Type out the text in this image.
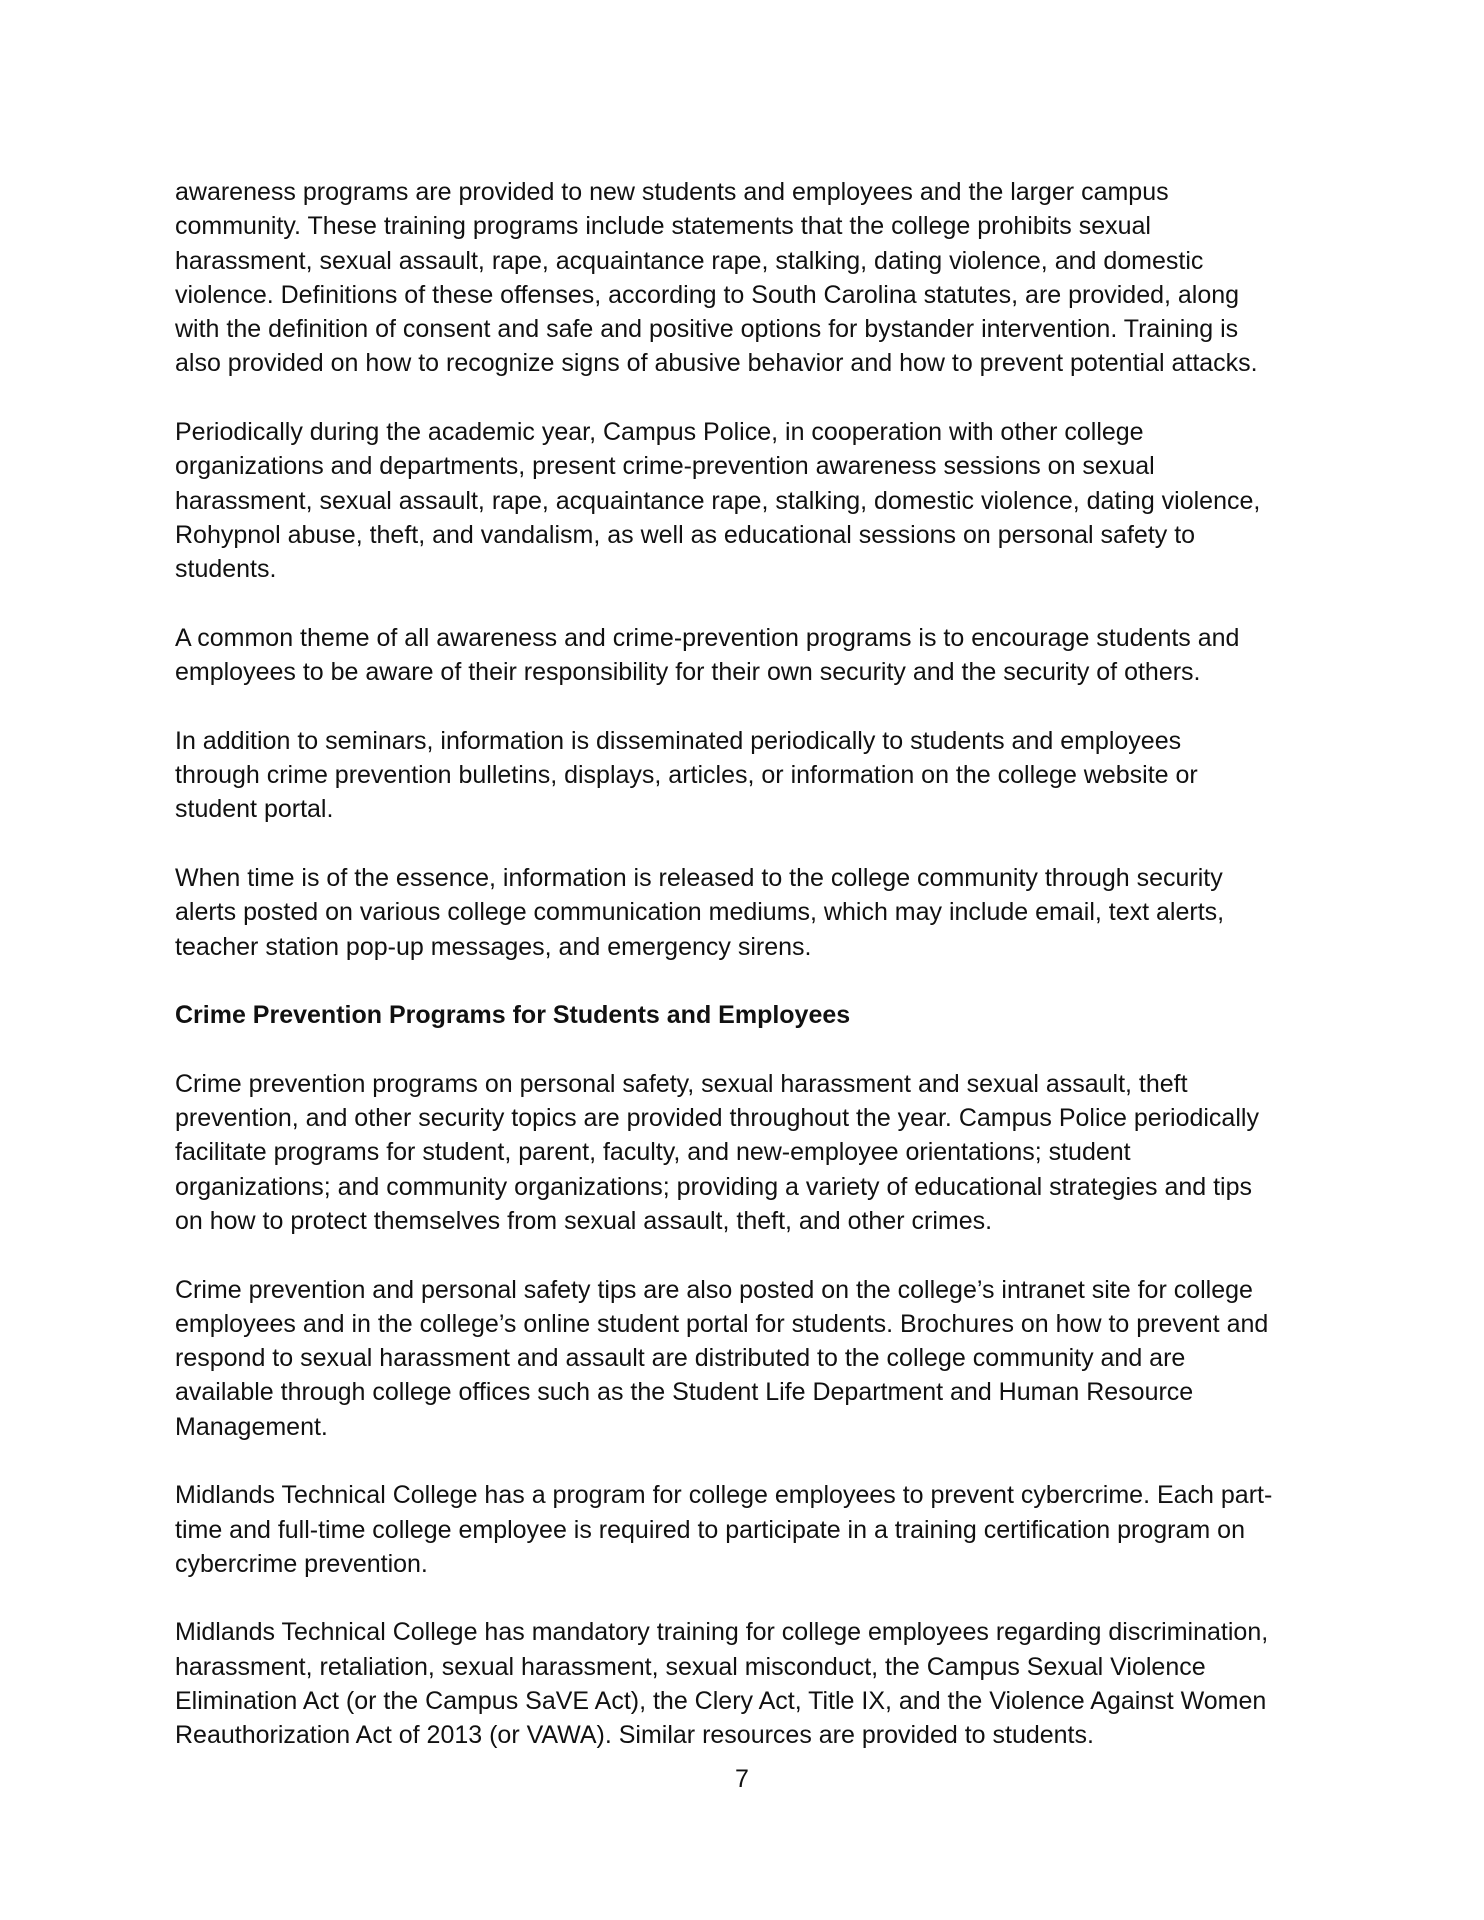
awareness programs are provided to new students and employees and the larger campus
community. These training programs include statements that the college prohibits sexual
harassment, sexual assault, rape, acquaintance rape, stalking, dating violence, and domestic
violence. Definitions of these offenses, according to South Carolina statutes, are provided, along
with the definition of consent and safe and positive options for bystander intervention. Training is
also provided on how to recognize signs of abusive behavior and how to prevent potential attacks.

Periodically during the academic year, Campus Police, in cooperation with other college
organizations and departments, present crime-prevention awareness sessions on sexual
harassment, sexual assault, rape, acquaintance rape, stalking, domestic violence, dating violence,
Rohypnol abuse, theft, and vandalism, as well as educational sessions on personal safety to
students.

A common theme of all awareness and crime-prevention programs is to encourage students and
employees to be aware of their responsibility for their own security and the security of others.

In addition to seminars, information is disseminated periodically to students and employees
through crime prevention bulletins, displays, articles, or information on the college website or
student portal.

When time is of the essence, information is released to the college community through security
alerts posted on various college communication mediums, which may include email, text alerts,
teacher station pop-up messages, and emergency sirens.

Crime Prevention Programs for Students and Employees

Crime prevention programs on personal safety, sexual harassment and sexual assault, theft
prevention, and other security topics are provided throughout the year. Campus Police periodically
facilitate programs for student, parent, faculty, and new-employee orientations; student
organizations; and community organizations; providing a variety of educational strategies and tips
on how to protect themselves from sexual assault, theft, and other crimes.

Crime prevention and personal safety tips are also posted on the college’s intranet site for college
employees and in the college’s online student portal for students. Brochures on how to prevent and
respond to sexual harassment and assault are distributed to the college community and are
available through college offices such as the Student Life Department and Human Resource
Management.

Midlands Technical College has a program for college employees to prevent cybercrime. Each part-
time and full-time college employee is required to participate in a training certification program on
cybercrime prevention.

Midlands Technical College has mandatory training for college employees regarding discrimination,
harassment, retaliation, sexual harassment, sexual misconduct, the Campus Sexual Violence
Elimination Act (or the Campus SaVE Act), the Clery Act, Title IX, and the Violence Against Women
Reauthorization Act of 2013 (or VAWA). Similar resources are provided to students.

7
